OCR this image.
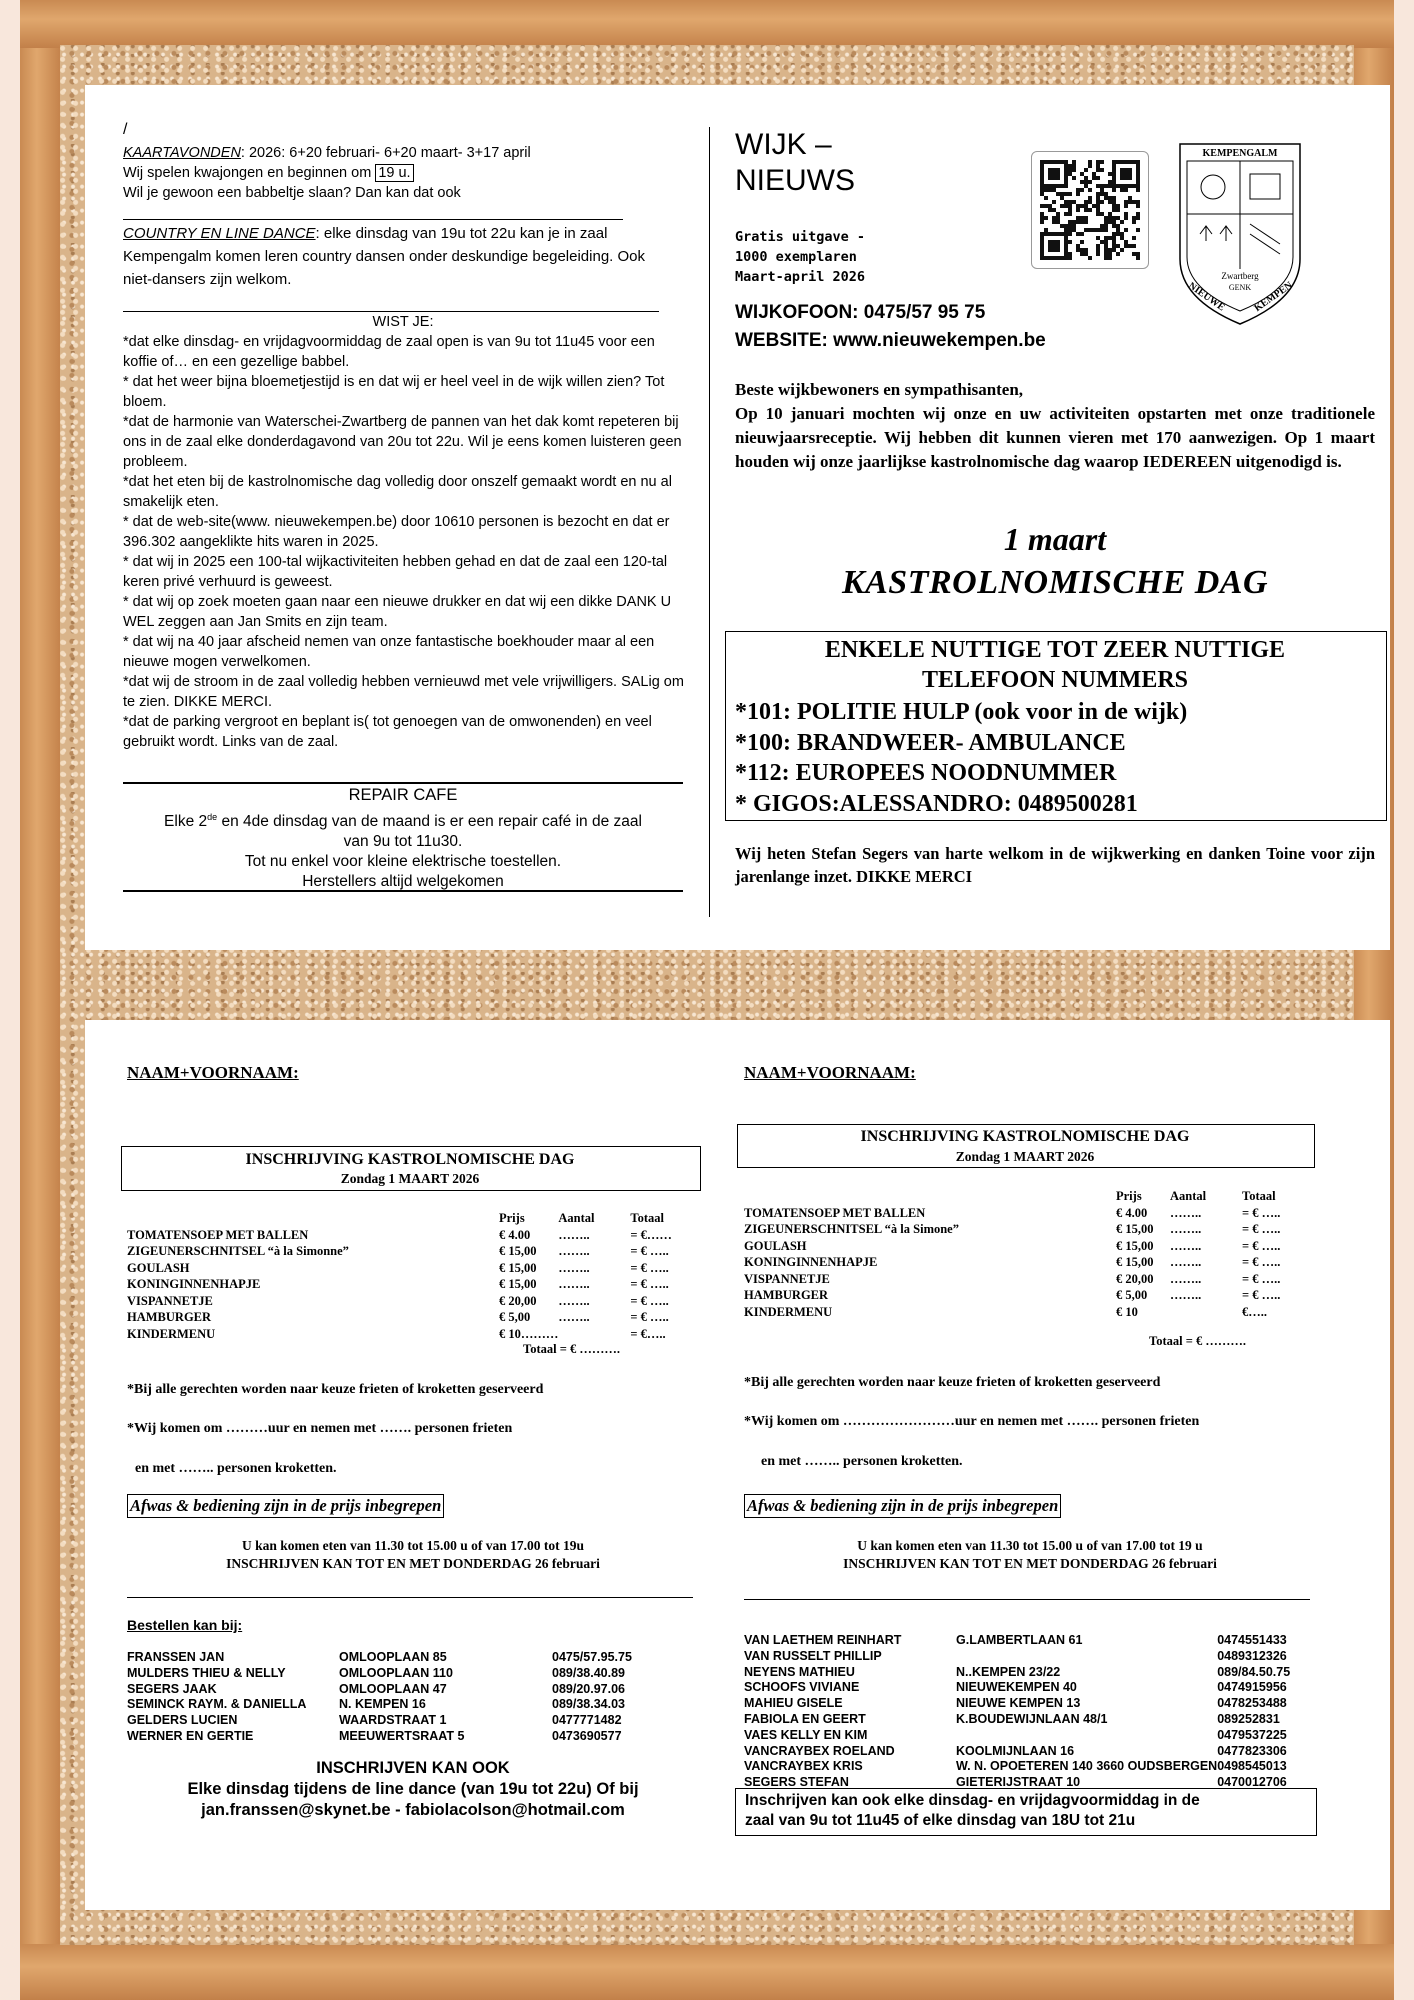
/
KAARTAVONDEN: 2026: 6+20 februari- 6+20 maart- 3+17 april
Wij spelen kwajongen en beginnen om 19 u.
Wil je gewoon een babbeltje slaan? Dan kan dat ook
COUNTRY EN LINE DANCE: elke dinsdag van 19u tot 22u kan je in zaal Kempengalm komen leren country dansen onder deskundige begeleiding. Ook niet-dansers zijn welkom.
WIST JE:
*dat elke dinsdag- en vrijdagvoormiddag de zaal open is van 9u tot 11u45 voor een koffie of… en een gezellige babbel.
* dat het weer bijna bloemetjestijd is en dat wij er heel veel in de wijk willen zien? Tot bloem.
*dat de harmonie van Waterschei-Zwartberg de pannen van het dak komt repeteren bij ons in de zaal elke donderdagavond van 20u tot 22u. Wil je eens komen luisteren geen probleem.
*dat het eten bij de kastrolnomische dag volledig door onszelf gemaakt wordt en nu al smakelijk eten.
* dat de web-site(www. nieuwekempen.be) door 10610 personen is bezocht en dat er 396.302 aangeklikte hits waren in 2025.
* dat wij in 2025 een 100-tal wijkactiviteiten hebben gehad en dat de zaal een 120-tal keren privé verhuurd is geweest.
* dat wij op zoek moeten gaan naar een nieuwe drukker en dat wij een dikke DANK U WEL zeggen aan Jan Smits en zijn team.
* dat wij na 40 jaar afscheid nemen van onze fantastische boekhouder maar al een nieuwe mogen verwelkomen.
*dat wij de stroom in de zaal volledig hebben vernieuwd met vele vrijwilligers. SALig om te zien. DIKKE MERCI.
*dat de parking vergroot en beplant is( tot genoegen van de omwonenden) en veel gebruikt wordt. Links van de zaal.
REPAIR CAFE
Elke 2de en 4de dinsdag van de maand is er een repair café in de zaal
van 9u tot 11u30.
Tot nu enkel voor kleine elektrische toestellen.
Herstellers altijd welgekomen
WIJK –
NIEUWS
Gratis uitgave -
1000 exemplaren
Maart-april 2026
WIJKOFOON: 0475/57 95 75
WEBSITE: www.nieuwekempen.be
KEMPENGALM
Zwartberg
GENK
NIEUWE	KEMPEN
Beste wijkbewoners en sympathisanten,
Op 10 januari mochten wij onze en uw activiteiten opstarten met onze traditionele nieuwjaarsreceptie. Wij hebben dit kunnen vieren met 170 aanwezigen. Op 1 maart houden wij onze jaarlijkse kastrolnomische dag waarop IEDEREEN uitgenodigd is.
1 maart
KASTROLNOMISCHE DAG
ENKELE NUTTIGE TOT ZEER NUTTIGE
TELEFOON NUMMERS
*101: POLITIE HULP (ook voor in de wijk)
*100: BRANDWEER- AMBULANCE
*112: EUROPEES NOODNUMMER
* GIGOS:ALESSANDRO: 0489500281
Wij heten Stefan Segers van harte welkom in de wijkwerking en danken Toine voor zijn jarenlange inzet. DIKKE MERCI
NAAM+VOORNAAM:
INSCHRIJVING KASTROLNOMISCHE DAG
Zondag 1 MAART 2026
	Prijs	Aantal	Totaal
TOMATENSOEP MET BALLEN	€ 4.00	……..	= €……
ZIGEUNERSCHNITSEL “à la Simonne”	€ 15,00	……..	= € …..
GOULASH	€ 15,00	……..	= € …..
KONINGINNENHAPJE	€ 15,00	……..	= € …..
VISPANNETJE	€ 20,00	……..	= € …..
HAMBURGER	€ 5,00	……..	= € …..
KINDERMENU	€ 10………		= €…..
Totaal = € ……….
*Bij alle gerechten worden naar keuze frieten of kroketten geserveerd
*Wij komen om ………uur en nemen met ……. personen frieten
en met …….. personen kroketten.
Afwas & bediening zijn in de prijs inbegrepen
U kan komen eten van 11.30 tot 15.00 u of van 17.00 tot 19u
INSCHRIJVEN KAN TOT EN MET DONDERDAG 26 februari
Bestellen kan bij:
FRANSSEN JAN	OMLOOPLAAN 85	0475/57.95.75
MULDERS THIEU & NELLY	OMLOOPLAAN 110	089/38.40.89
SEGERS JAAK	OMLOOPLAAN 47	089/20.97.06
SEMINCK RAYM. & DANIELLA	N. KEMPEN 16	089/38.34.03
GELDERS LUCIEN	WAARDSTRAAT 1	0477771482
WERNER EN GERTIE	MEEUWERTSRAAT 5	0473690577
INSCHRIJVEN KAN OOK
Elke dinsdag tijdens de line dance (van 19u tot 22u) Of bij
jan.franssen@skynet.be - fabiolacolson@hotmail.com
NAAM+VOORNAAM:
INSCHRIJVING KASTROLNOMISCHE DAG
Zondag 1 MAART 2026
	Prijs	Aantal	Totaal
TOMATENSOEP MET BALLEN	€ 4.00	……..	= € …..
ZIGEUNERSCHNITSEL “à la Simone”	€ 15,00	……..	= € …..
GOULASH	€ 15,00	……..	= € …..
KONINGINNENHAPJE	€ 15,00	……..	= € …..
VISPANNETJE	€ 20,00	……..	= € …..
HAMBURGER	€ 5,00	……..	= € …..
KINDERMENU	€ 10		€…..
Totaal = € ……….
*Bij alle gerechten worden naar keuze frieten of kroketten geserveerd
*Wij komen om ……………………uur en nemen met ……. personen frieten
en met …….. personen kroketten.
Afwas & bediening zijn in de prijs inbegrepen
U kan komen eten van 11.30 tot 15.00 u of van 17.00 tot 19 u
INSCHRIJVEN KAN TOT EN MET DONDERDAG 26 februari
VAN LAETHEM REINHART	G.LAMBERTLAAN 61	0474551433
VAN RUSSELT PHILLIP		0489312326
NEYENS MATHIEU	N..KEMPEN 23/22	089/84.50.75
SCHOOFS VIVIANE	NIEUWEKEMPEN 40	0474915956
MAHIEU GISELE	NIEUWE KEMPEN 13	0478253488
FABIOLA EN GEERT	K.BOUDEWIJNLAAN 48/1	089252831
VAES KELLY EN KIM		0479537225
VANCRAYBEX ROELAND	KOOLMIJNLAAN 16	0477823306
VANCRAYBEX KRIS	W. N. OPOETEREN 140 3660 OUDSBERGEN	0498545013
SEGERS STEFAN	GIETERIJSTRAAT 10	0470012706
Inschrijven kan ook elke dinsdag- en vrijdagvoormiddag in de
zaal van 9u tot 11u45 of elke dinsdag van 18U tot 21u
